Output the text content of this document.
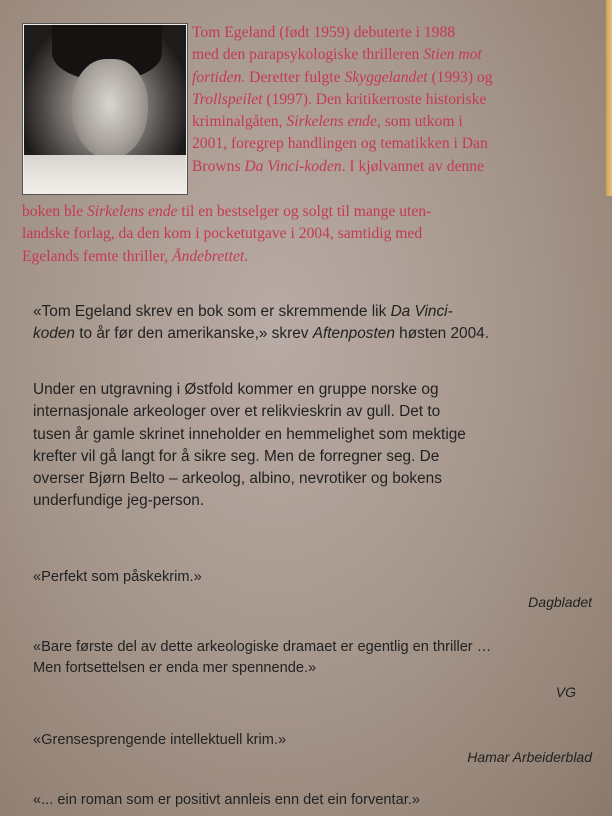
Tom Egeland (født 1959) debuterte i 1988
med den parapsykologiske thrilleren Stien mot
fortiden. Deretter fulgte Skyggelandet (1993) og
Trollspeilet (1997). Den kritikerroste historiske
kriminalgåten, Sirkelens ende, som utkom i
2001, foregrep handlingen og tematikken i Dan
Browns Da Vinci-koden. I kjølvannet av denne
boken ble Sirkelens ende til en bestselger og solgt til mange uten-
landske forlag, da den kom i pocketutgave i 2004, samtidig med
Egelands femte thriller, Åndebrettet.
«Tom Egeland skrev en bok som er skremmende lik Da Vinci-
koden to år før den amerikanske,» skrev Aftenposten høsten 2004.
Under en utgravning i Østfold kommer en gruppe norske og
internasjonale arkeologer over et relikvieskrin av gull. Det to
tusen år gamle skrinet inneholder en hemmelighet som mektige
krefter vil gå langt for å sikre seg. Men de forregner seg. De
overser Bjørn Belto – arkeolog, albino, nevrotiker og bokens
underfundige jeg-person.
«Perfekt som påskekrim.»
Dagbladet
«Bare første del av dette arkeologiske dramaet er egentlig en thriller …
Men fortsettelsen er enda mer spennende.»
VG
«Grensesprengende intellektuell krim.»
Hamar Arbeiderblad
«... ein roman som er positivt annleis enn det ein forventar.»
